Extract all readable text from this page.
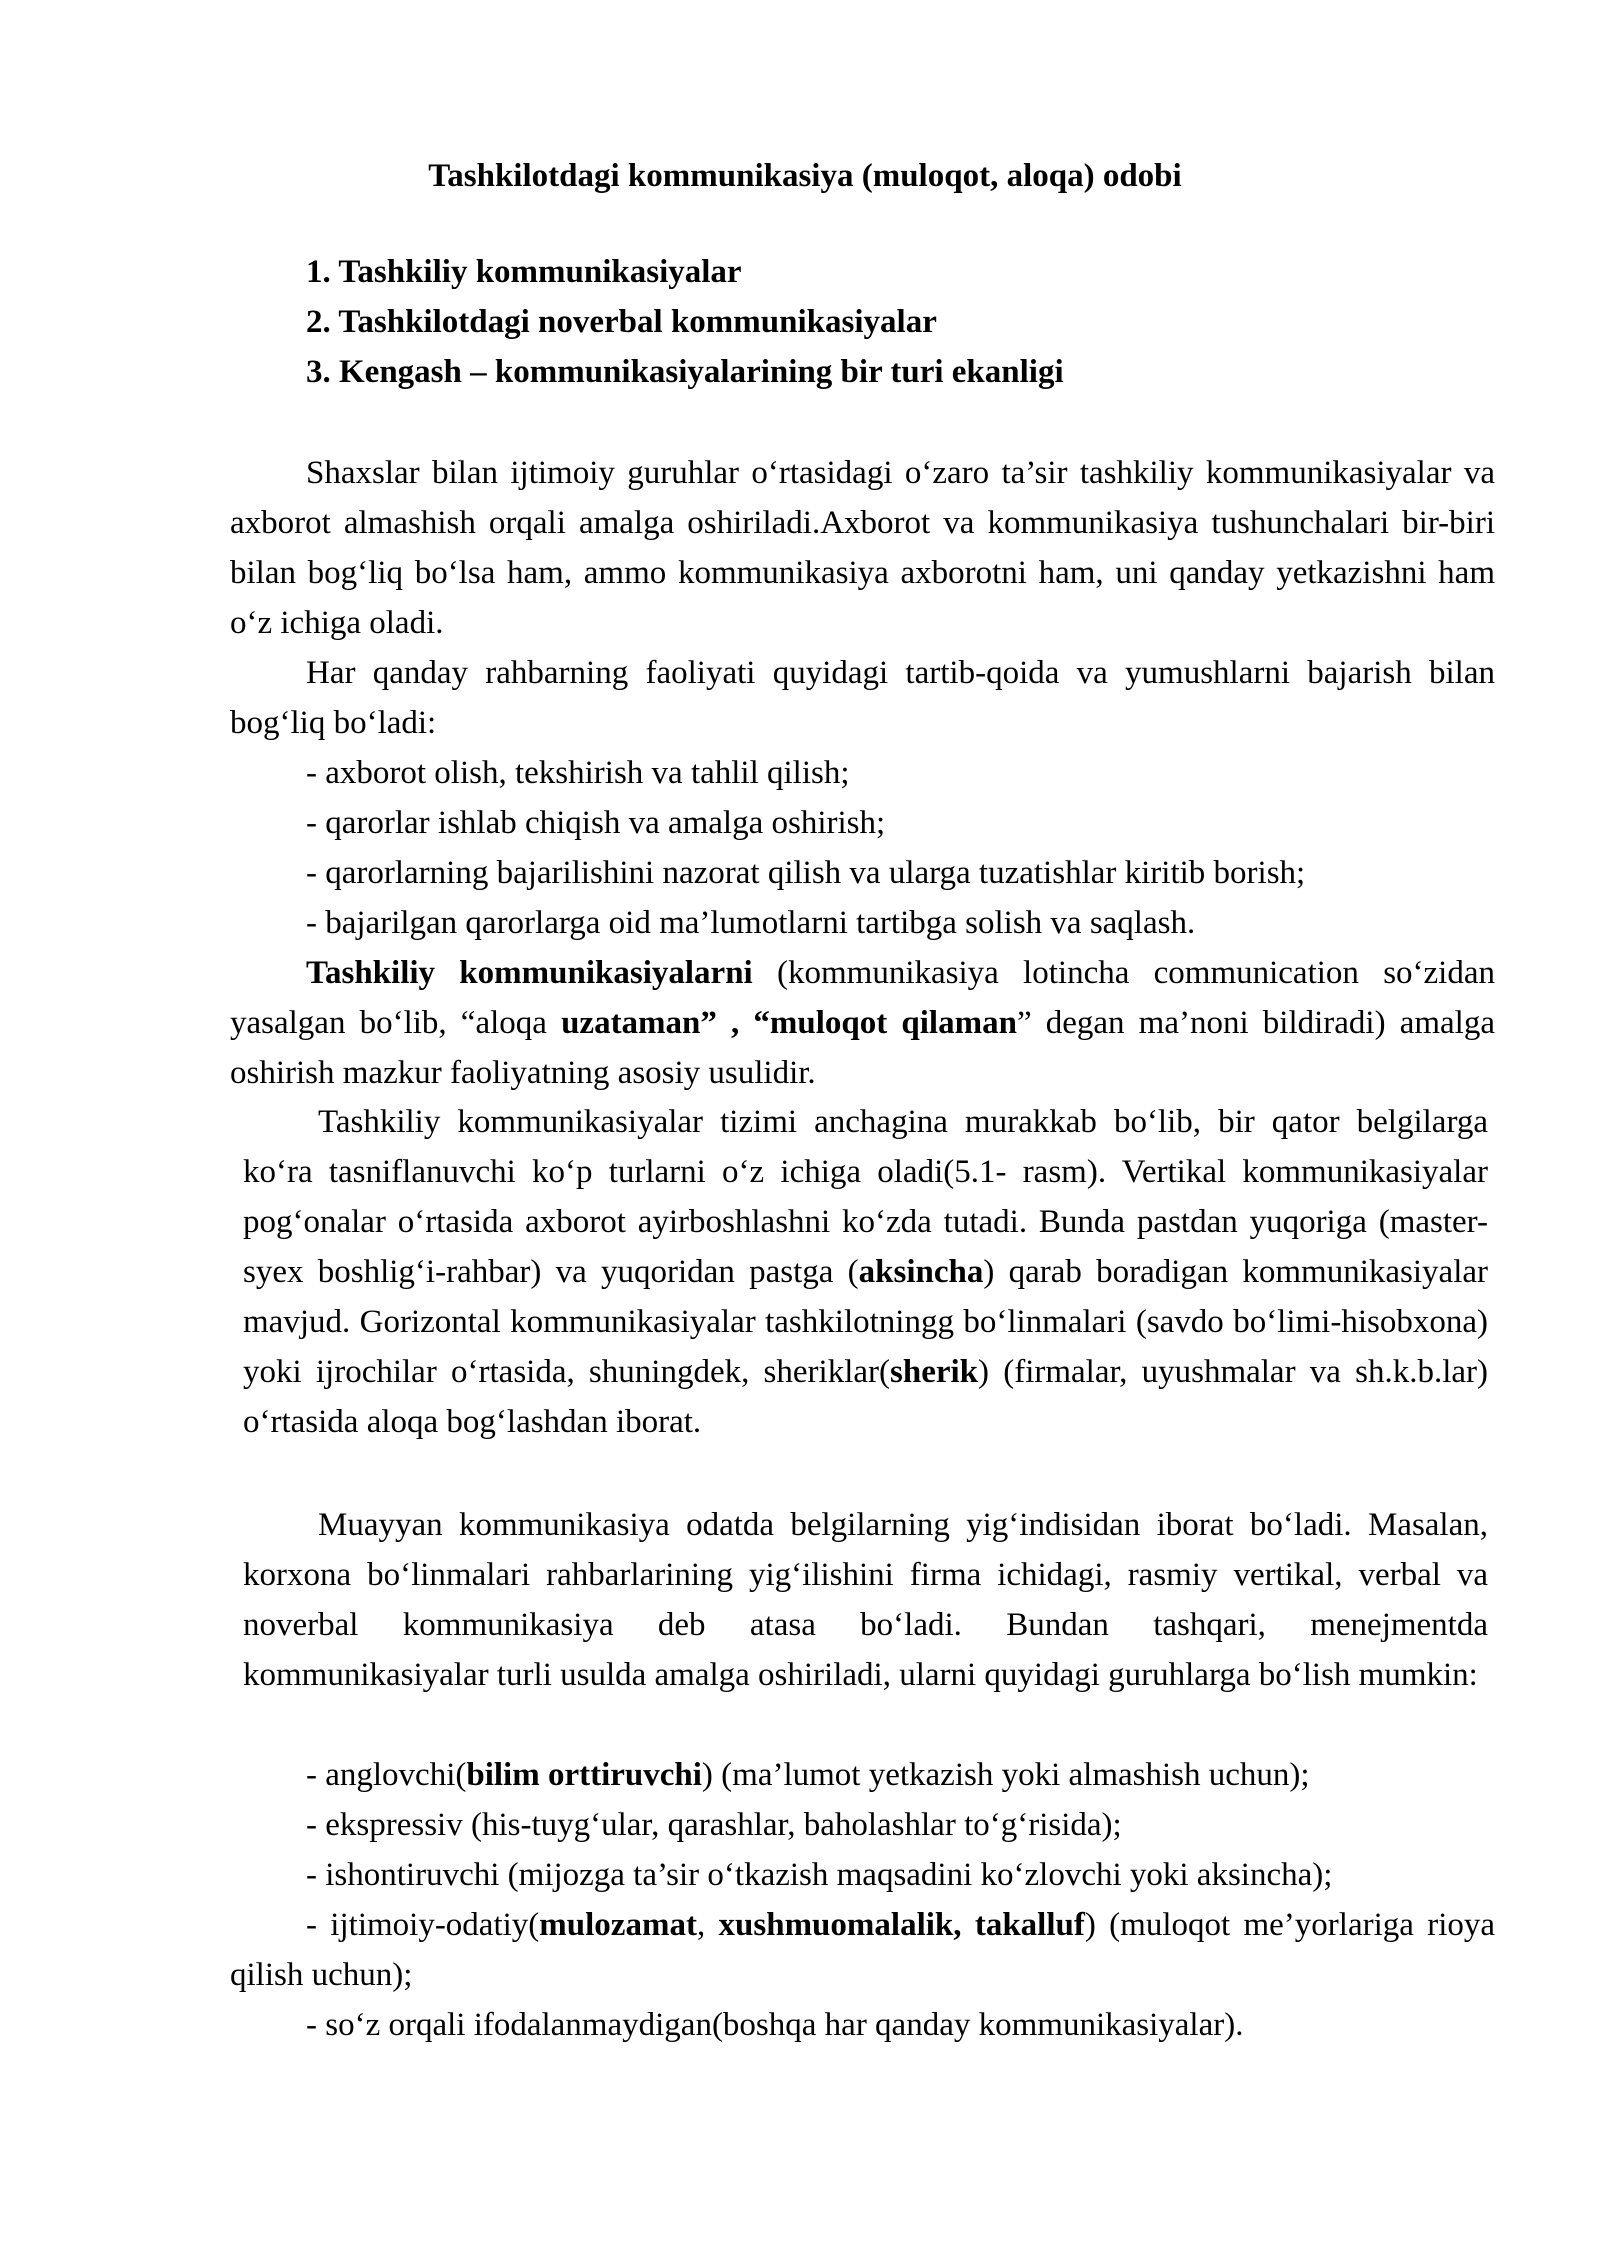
Tashkilotdagi kommunikasiya (muloqot, aloqa) odobi
1. Tashkiliy kommunikasiyalar
2. Tashkilotdagi noverbal kommunikasiyalar
3. Kengash – kommunikasiyalarining bir turi ekanligi

Shaxslar bilan ijtimoiy guruhlar o‘rtasidagi o‘zaro ta’sir tashkiliy kommunikasiyalar va axborot almashish orqali amalga oshiriladi.Axborot va kommunikasiya tushunchalari bir-biri bilan bog‘liq bo‘lsa ham, ammo kommunikasiya axborotni ham, uni qanday yetkazishni ham o‘z ichiga oladi.

Har qanday rahbarning faoliyati quyidagi tartib-qoida va yumushlarni bajarish bilan bog‘liq bo‘ladi:

- axborot olish, tekshirish va tahlil qilish;

- qarorlar ishlab chiqish va amalga oshirish;

- qarorlarning bajarilishini nazorat qilish va ularga tuzatishlar kiritib borish;

- bajarilgan qarorlarga oid ma’lumotlarni tartibga solish va saqlash.

Tashkiliy kommunikasiyalarni (kommunikasiya lotincha communication so‘zidan yasalgan bo‘lib, “aloqa uzataman” , “muloqot qilaman” degan ma’noni bildiradi) amalga oshirish mazkur faoliyatning asosiy usulidir.

Tashkiliy kommunikasiyalar tizimi anchagina murakkab bo‘lib, bir qator belgilarga ko‘ra tasniflanuvchi ko‘p turlarni o‘z ichiga oladi(5.1- rasm). Vertikal kommunikasiyalar pog‘onalar o‘rtasida axborot ayirboshlashni ko‘zda tutadi. Bunda pastdan yuqoriga (master-syex boshlig‘i-rahbar) va yuqoridan pastga (aksincha) qarab boradigan kommunikasiyalar mavjud. Gorizontal kommunikasiyalar tashkilotningg bo‘linmalari (savdo bo‘limi-hisobxona) yoki ijrochilar o‘rtasida, shuningdek, sheriklar(sherik) (firmalar, uyushmalar va sh.k.b.lar) o‘rtasida aloqa bog‘lashdan iborat.

Muayyan kommunikasiya odatda belgilarning yig‘indisidan iborat bo‘ladi. Masalan, korxona bo‘linmalari rahbarlarining yig‘ilishini firma ichidagi, rasmiy vertikal, verbal va noverbal kommunikasiya deb atasa bo‘ladi. Bundan tashqari, menejmentda kommunikasiyalar turli usulda amalga oshiriladi, ularni quyidagi guruhlarga bo‘lish mumkin:

- anglovchi(bilim orttiruvchi) (ma’lumot yetkazish yoki almashish uchun);

- ekspressiv (his-tuyg‘ular, qarashlar, baholashlar to‘g‘risida);

- ishontiruvchi (mijozga ta’sir o‘tkazish maqsadini ko‘zlovchi yoki aksincha);

- ijtimoiy-odatiy(mulozamat, xushmuomalalik, takalluf) (muloqot me’yorlariga rioya qilish uchun);

- so‘z orqali ifodalanmaydigan(boshqa har qanday kommunikasiyalar).
